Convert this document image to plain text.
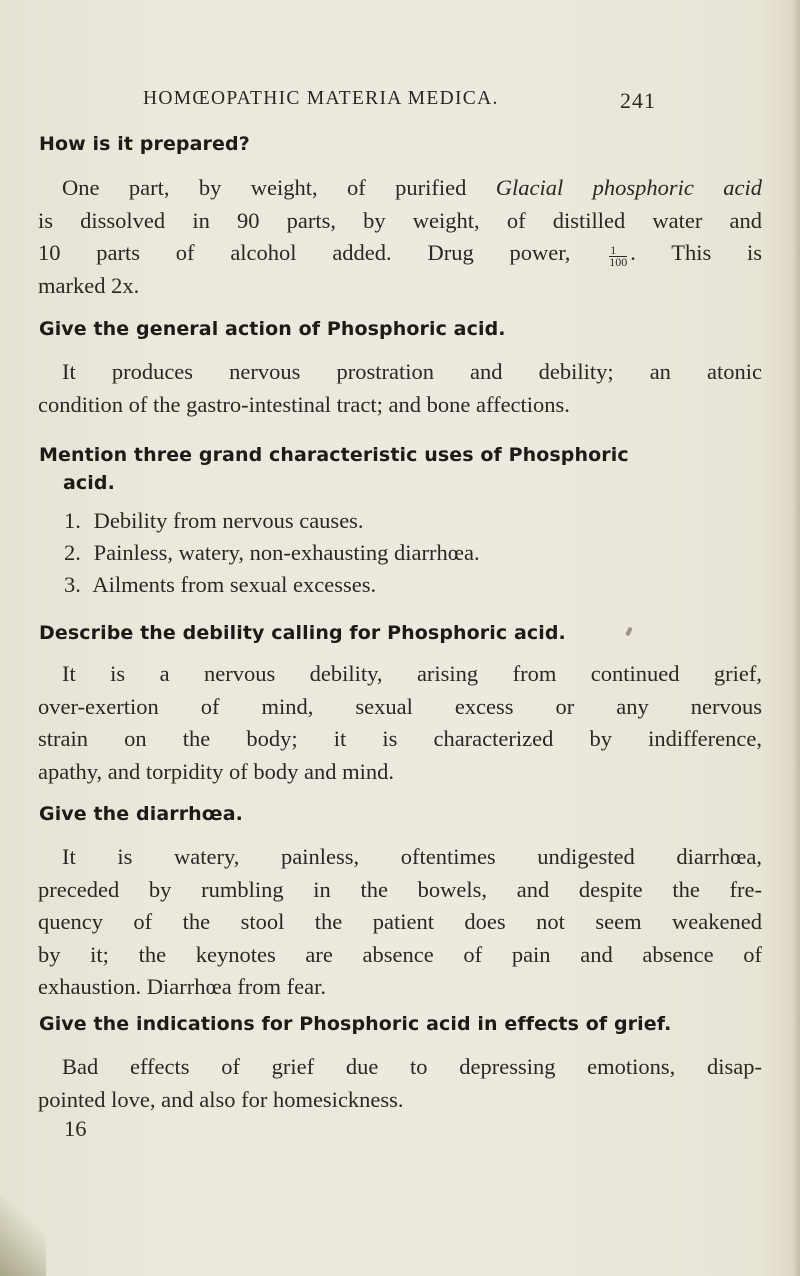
HOMŒOPATHIC MATERIA MEDICA.	241
How is it prepared?
One part, by weight, of purified Glacial phosphoric acid
is dissolved in 90 parts, by weight, of distilled water and
10 parts of alcohol added. Drug power,	$\frac{1}{100}$ . This is
marked 2x.
Give the general action of Phosphoric acid.
It produces nervous prostration and debility; an atonic
condition of the gastro-intestinal tract; and bone affections.
Mention three grand characteristic uses of Phosphoric
acid.
1. Debility from nervous causes.
2. Painless, watery, non-exhausting diarrhœa.
3. Ailments from sexual excesses.
Describe the debility calling for Phosphoric acid.
It is a nervous debility, arising from continued grief,
over-exertion of mind, sexual excess or any nervous
strain on the body; it is characterized by indifference,
apathy, and torpidity of body and mind.
Give the diarrhœa.
It is watery, painless, oftentimes undigested diarrhœa,
preceded by rumbling in the bowels, and despite the fre-
quency of the stool the patient does not seem weakened
by it; the keynotes are absence of pain and absence of
exhaustion. Diarrhœa from fear.
Give the indications for Phosphoric acid in effects of grief.
Bad effects of grief due to depressing emotions, disap-
pointed love, and also for homesickness.
16
